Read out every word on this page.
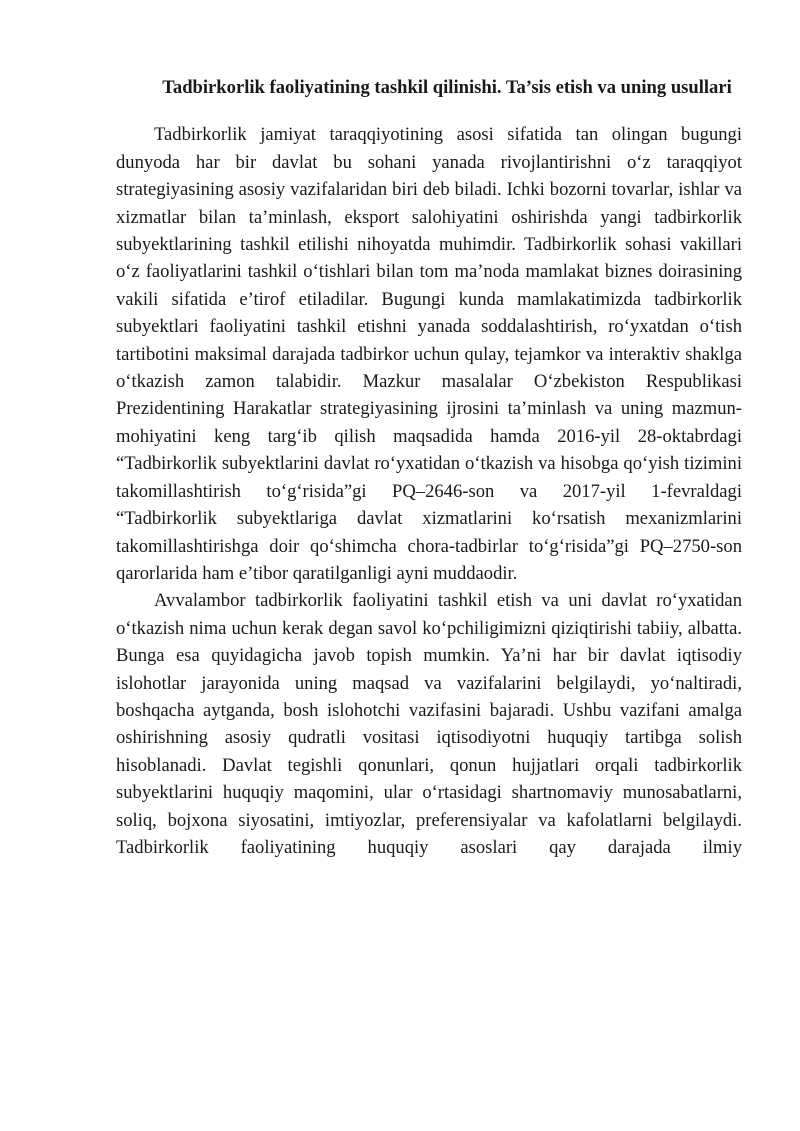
Tadbirkorlik faoliyatining tashkil qilinishi. Ta’sis etish va uning usullari

Tadbirkorlik jamiyat taraqqiyotining asosi sifatida tan olingan bugungi dunyoda har bir davlat bu sohani yanada rivojlantirishni o‘z taraqqiyot strategiyasining asosiy vazifalaridan biri deb biladi. Ichki bozorni tovarlar, ishlar va xizmatlar bilan ta’minlash, eksport salohiyatini oshirishda yangi tadbirkorlik subyektlarining tashkil etilishi nihoyatda muhimdir. Tadbirkorlik sohasi vakillari o‘z faoliyatlarini tashkil o‘tishlari bilan tom ma’noda mamlakat biznes doirasining vakili sifatida e’tirof etiladilar. Bugungi kunda mamlakatimizda tadbirkorlik subyektlari faoliyatini tashkil etishni yanada soddalashtirish, ro‘yxatdan o‘tish tartibotini maksimal darajada tadbirkor uchun qulay, tejamkor va interaktiv shaklga o‘tkazish zamon talabidir. Mazkur masalalar O‘zbekiston Respublikasi Prezidentining Harakatlar strategiyasining ijrosini ta’minlash va uning mazmun-mohiyatini keng targ‘ib qilish maqsadida hamda 2016-yil 28-oktabrdagi “Tadbirkorlik subyektlarini davlat ro‘yxatidan o‘tkazish va hisobga qo‘yish tizimini takomillashtirish to‘g‘risida”gi PQ–2646-son va 2017-yil 1-fevraldagi “Tadbirkorlik subyektlariga davlat xizmatlarini ko‘rsatish mexanizmlarini takomillashtirishga doir qo‘shimcha chora-tadbirlar to‘g‘risida”gi PQ–2750-son qarorlarida ham e’tibor qaratilganligi ayni muddaodir.

Avvalambor tadbirkorlik faoliyatini tashkil etish va uni davlat ro‘yxatidan o‘tkazish nima uchun kerak degan savol ko‘pchiligimizni qiziqtirishi tabiiy, albatta. Bunga esa quyidagicha javob topish mumkin. Ya’ni har bir davlat iqtisodiy islohotlar jarayonida uning maqsad va vazifalarini belgilaydi, yo‘naltiradi, boshqacha aytganda, bosh islohotchi vazifasini bajaradi. Ushbu vazifani amalga oshirishning asosiy qudratli vositasi iqtisodiyotni huquqiy tartibga solish hisoblanadi. Davlat tegishli qonunlari, qonun hujjatlari orqali tadbirkorlik subyektlarini huquqiy maqomini, ular o‘rtasidagi shartnomaviy munosabatlarni, soliq, bojxona siyosatini, imtiyozlar, preferensiyalar va kafolatlarni belgilaydi. Tadbirkorlik faoliyatining huquqiy asoslari qay darajada ilmiy
